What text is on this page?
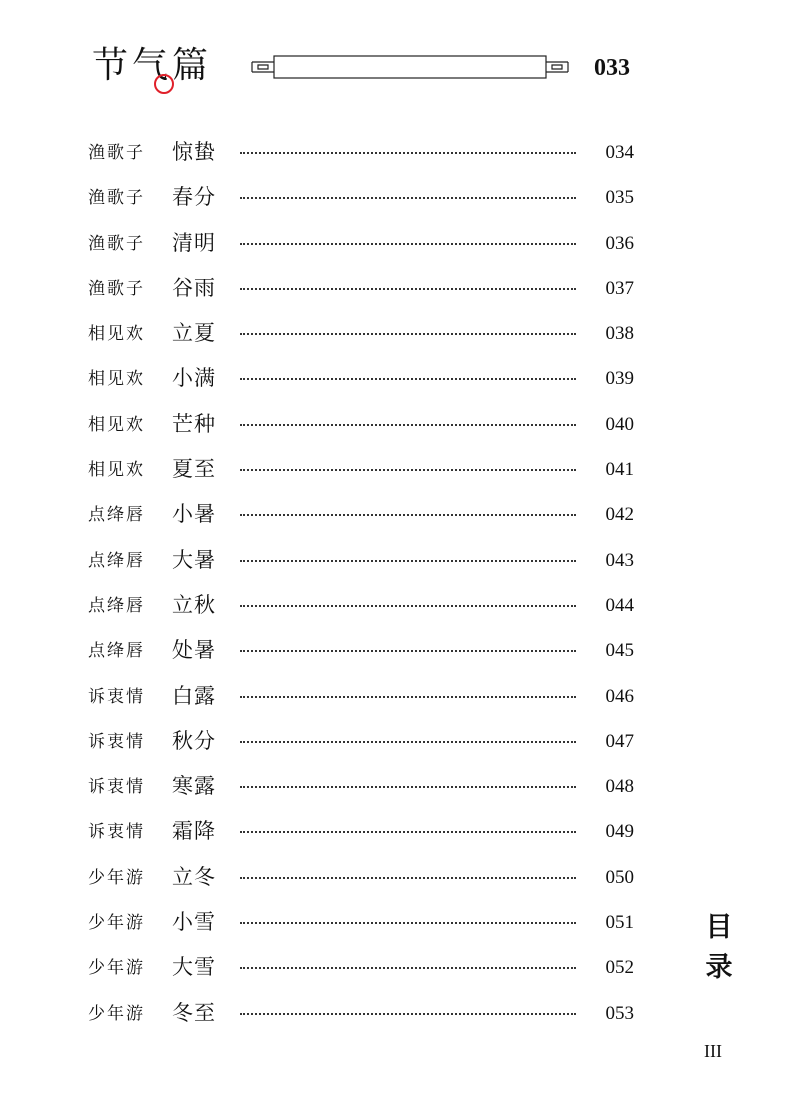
节气篇	033
渔歌子 惊蛰	034
渔歌子 春分	035
渔歌子 清明	036
渔歌子 谷雨	037
相见欢 立夏	038
相见欢 小满	039
相见欢 芒种	040
相见欢 夏至	041
点绛唇 小暑	042
点绛唇 大暑	043
点绛唇 立秋	044
点绛唇 处暑	045
诉衷情 白露	046
诉衷情 秋分	047
诉衷情 寒露	048
诉衷情 霜降	049
少年游 立冬	050
少年游 小雪	051
少年游 大雪	052
少年游 冬至	053
目录
III
